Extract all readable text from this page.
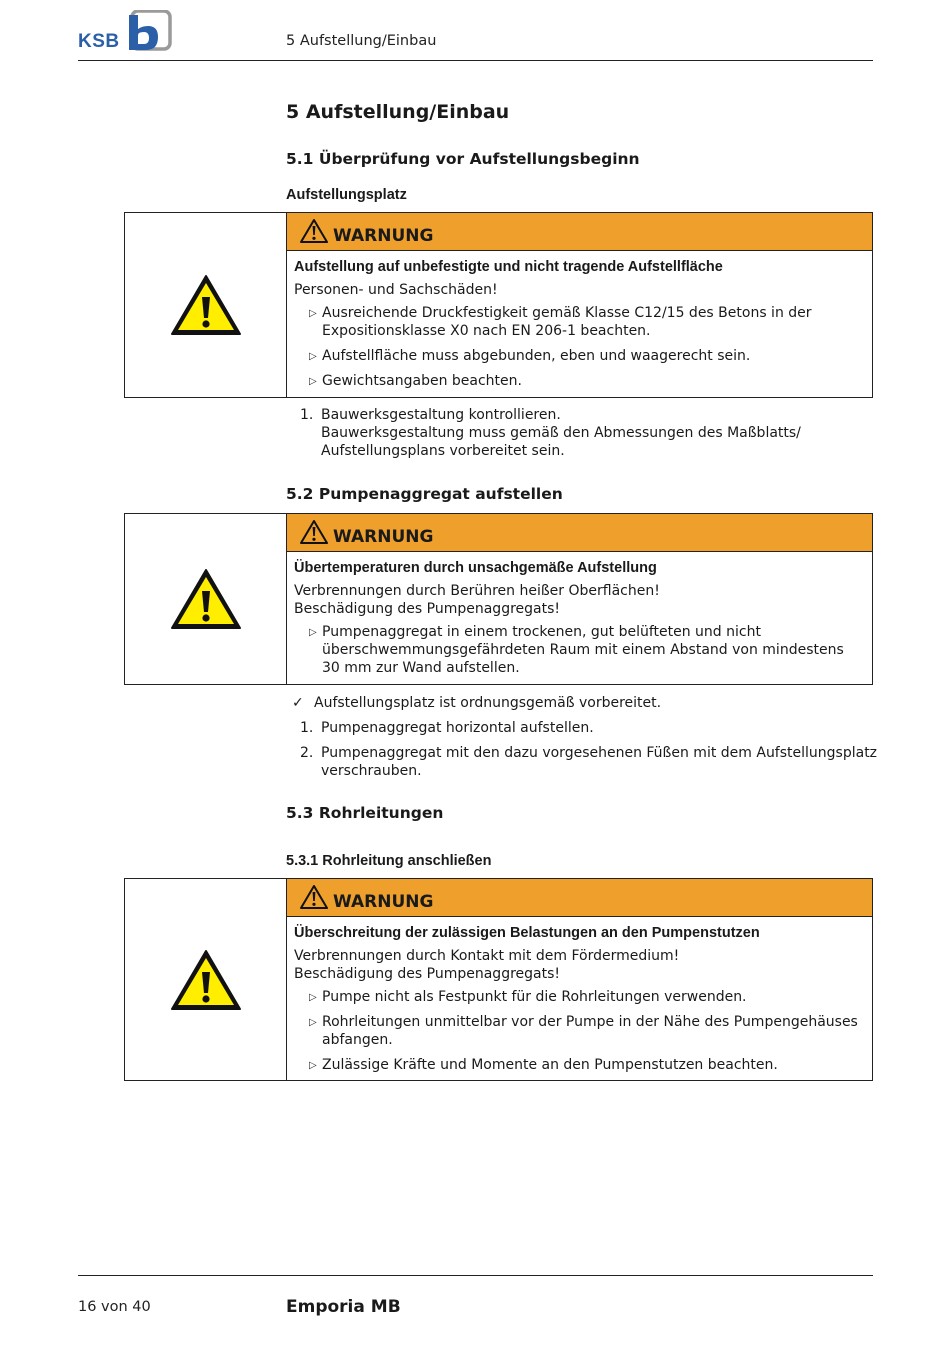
KSB	5 Aufstellung/Einbau
5 Aufstellung/Einbau
5.1 Überprüfung vor Aufstellungsbeginn
Aufstellungsplatz
WARNUNG
Aufstellung auf unbefestigte und nicht tragende Aufstellfläche

Personen- und Sachschäden!

▷ Ausreichende Druckfestigkeit gemäß Klasse C12/15 des Betons in der Expositionsklasse X0 nach EN 206-1 beachten.
▷ Aufstellfläche muss abgebunden, eben und waagerecht sein.
▷ Gewichtsangaben beachten.
1. Bauwerksgestaltung kontrollieren.
Bauwerksgestaltung muss gemäß den Abmessungen des Maßblatts/ Aufstellungsplans vorbereitet sein.
5.2 Pumpenaggregat aufstellen
WARNUNG
Übertemperaturen durch unsachgemäße Aufstellung

Verbrennungen durch Berühren heißer Oberflächen!

Beschädigung des Pumpenaggregats!

▷ Pumpenaggregat in einem trockenen, gut belüfteten und nicht überschwemmungsgefährdeten Raum mit einem Abstand von mindestens 30 mm zur Wand aufstellen.
✓ Aufstellungsplatz ist ordnungsgemäß vorbereitet.
1. Pumpenaggregat horizontal aufstellen.
2. Pumpenaggregat mit den dazu vorgesehenen Füßen mit dem Aufstellungsplatz verschrauben.
5.3 Rohrleitungen
5.3.1 Rohrleitung anschließen
WARNUNG
Überschreitung der zulässigen Belastungen an den Pumpenstutzen

Verbrennungen durch Kontakt mit dem Fördermedium!

Beschädigung des Pumpenaggregats!

▷ Pumpe nicht als Festpunkt für die Rohrleitungen verwenden.
▷ Rohrleitungen unmittelbar vor der Pumpe in der Nähe des Pumpengehäuses abfangen.
▷ Zulässige Kräfte und Momente an den Pumpenstutzen beachten.
16 von 40	Emporia MB
